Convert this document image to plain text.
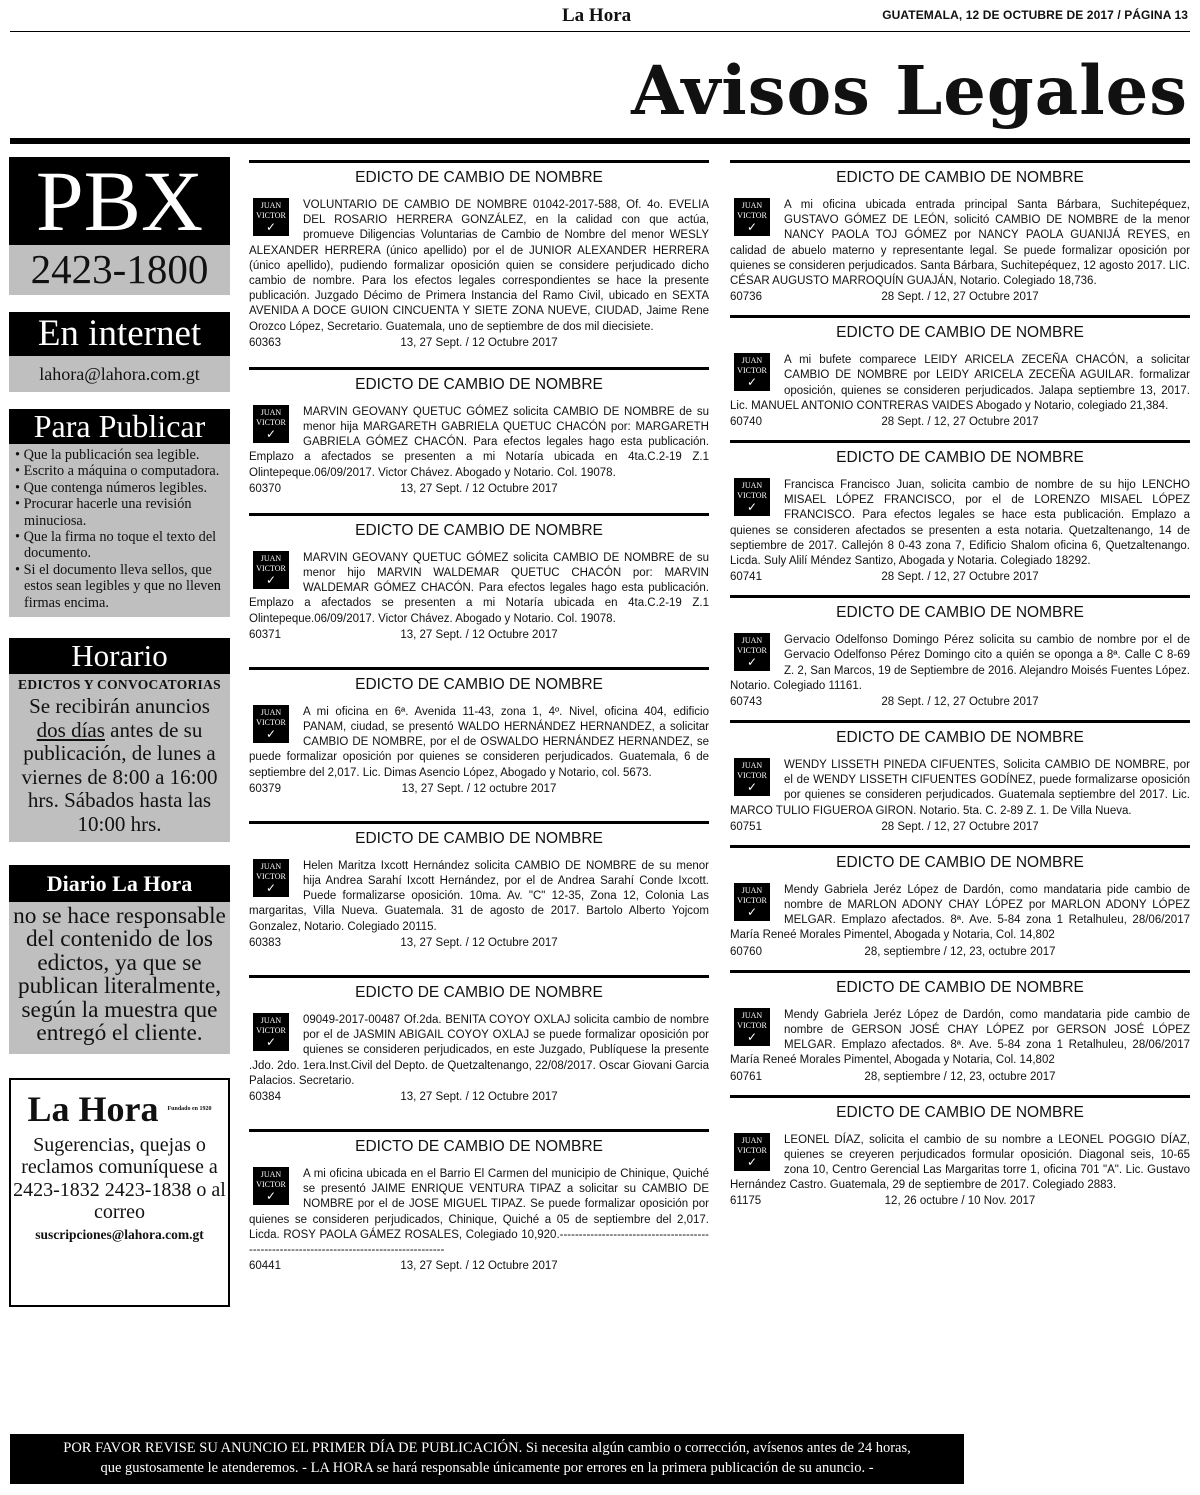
La Hora	GUATEMALA, 12 DE OCTUBRE DE 2017 / PÁGINA 13
Avisos Legales
PBX
2423-1800
En internet
lahora@lahora.com.gt
Para Publicar
• Que la publicación sea legible.
• Escrito a máquina o computadora.
• Que contenga números legibles.
• Procurar hacerle una revisión minuciosa.
• Que la firma no toque el texto del documento.
• Si el documento lleva sellos, que estos sean legibles y que no lleven firmas encima.
Horario
EDICTOS Y CONVOCATORIAS
Se recibirán anuncios dos días antes de su publicación, de lunes a viernes de 8:00 a 16:00 hrs. Sábados hasta las 10:00 hrs.
Diario La Hora
no se hace responsable del contenido de los edictos, ya que se publican literalmente, según la muestra que entregó el cliente.
La Hora $^{Fundado en 1920}$
Sugerencias, quejas o reclamos comuníquese a 2423-1832 2423-1838 o al correo
suscripciones@lahora.com.gt
EDICTO DE CAMBIO DE NOMBRE
JUAN
VICTOR
✓
VOLUNTARIO DE CAMBIO DE NOMBRE 01042-2017-588, Of. 4o. EVELIA DEL ROSARIO HERRERA GONZÁLEZ, en la calidad con que actúa, promueve Diligencias Voluntarias de Cambio de Nombre del menor WESLY ALEXANDER HERRERA (único apellido) por el de JUNIOR ALEXANDER HERRERA (único apellido), pudiendo formalizar oposición quien se considere perjudicado dicho cambio de nombre. Para los efectos legales correspondientes se hace la presente publicación. Juzgado Décimo de Primera Instancia del Ramo Civil, ubicado en SEXTA AVENIDA A DOCE GUION CINCUENTA Y SIETE ZONA NUEVE, CIUDAD, Jaime Rene Orozco López, Secretario. Guatemala, uno de septiembre de dos mil diecisiete.
60363	13, 27 Sept. / 12 Octubre 2017
EDICTO DE CAMBIO DE NOMBRE
JUAN
VICTOR
✓
MARVIN GEOVANY QUETUC GÓMEZ solicita CAMBIO DE NOMBRE de su menor hija MARGARETH GABRIELA QUETUC CHACÓN por: MARGARETH GABRIELA GÓMEZ CHACÓN. Para efectos legales hago esta publicación. Emplazo a afectados se presenten a mi Notaría ubicada en 4ta.C.2-19 Z.1 Olintepeque.06/09/2017. Victor Chávez. Abogado y Notario. Col. 19078.
60370	13, 27 Sept. / 12 Octubre 2017
EDICTO DE CAMBIO DE NOMBRE
JUAN
VICTOR
✓
MARVIN GEOVANY QUETUC GÓMEZ solicita CAMBIO DE NOMBRE de su menor hijo MARVIN WALDEMAR QUETUC CHACÓN por: MARVIN WALDEMAR GÓMEZ CHACÓN. Para efectos legales hago esta publicación. Emplazo a afectados se presenten a mi Notaría ubicada en 4ta.C.2-19 Z.1 Olintepeque.06/09/2017. Victor Chávez. Abogado y Notario. Col. 19078.
60371	13, 27 Sept. / 12 Octubre 2017
EDICTO DE CAMBIO DE NOMBRE
JUAN
VICTOR
✓
A mi oficina en 6ª. Avenida 11-43, zona 1, 4º. Nivel, oficina 404, edificio PANAM, ciudad, se presentó WALDO HERNÁNDEZ HERNANDEZ, a solicitar CAMBIO DE NOMBRE, por el de OSWALDO HERNÁNDEZ HERNANDEZ, se puede formalizar oposición por quienes se consideren perjudicados. Guatemala, 6 de septiembre del 2,017. Lic. Dimas Asencio López, Abogado y Notario, col. 5673.
60379	13, 27 Sept. / 12 octubre 2017
EDICTO DE CAMBIO DE NOMBRE
JUAN
VICTOR
✓
Helen Maritza Ixcott Hernández solicita CAMBIO DE NOMBRE de su menor hija Andrea Sarahí Ixcott Hernández, por el de Andrea Sarahí Conde Ixcott. Puede formalizarse oposición. 10ma. Av. "C" 12-35, Zona 12, Colonia Las margaritas, Villa Nueva. Guatemala. 31 de agosto de 2017. Bartolo Alberto Yojcom Gonzalez, Notario. Colegiado 20115.
60383	13, 27 Sept. / 12 Octubre 2017
EDICTO DE CAMBIO DE NOMBRE
JUAN
VICTOR
✓
09049-2017-00487 Of.2da. BENITA COYOY OXLAJ solicita cambio de nombre por el de JASMIN ABIGAIL COYOY OXLAJ se puede formalizar oposición por quienes se consideren perjudicados, en este Juzgado, Publíquese la presente .Jdo. 2do. 1era.Inst.Civil del Depto. de Quetzaltenango, 22/08/2017. Oscar Giovani Garcia Palacios. Secretario.
60384	13, 27 Sept. / 12 Octubre 2017
EDICTO DE CAMBIO DE NOMBRE
JUAN
VICTOR
✓
A mi oficina ubicada en el Barrio El Carmen del municipio de Chinique, Quiché se presentó JAIME ENRIQUE VENTURA TIPAZ a solicitar su CAMBIO DE NOMBRE por el de JOSE MIGUEL TIPAZ. Se puede formalizar oposición por quienes se consideren perjudicados, Chinique, Quiché a 05 de septiembre del 2,017. Licda. ROSY PAOLA GÁMEZ ROSALES, Colegiado 10,920.------------------------------------------------------------------------------------------
60441	13, 27 Sept. / 12 Octubre 2017
EDICTO DE CAMBIO DE NOMBRE
JUAN
VICTOR
✓
A mi oficina ubicada entrada principal Santa Bárbara, Suchitepéquez, GUSTAVO GÓMEZ DE LEÓN, solicitó CAMBIO DE NOMBRE de la menor NANCY PAOLA TOJ GÓMEZ por NANCY PAOLA GUANIJÁ REYES, en calidad de abuelo materno y representante legal. Se puede formalizar oposición por quienes se consideren perjudicados. Santa Bárbara, Suchitepéquez, 12 agosto 2017. LIC. CÉSAR AUGUSTO MARROQUÍN GUAJÁN, Notario. Colegiado 18,736.
60736	28 Sept. / 12, 27 Octubre 2017
EDICTO DE CAMBIO DE NOMBRE
JUAN
VICTOR
✓
A mi bufete comparece LEIDY ARICELA ZECEÑA CHACÓN, a solicitar CAMBIO DE NOMBRE por LEIDY ARICELA ZECEÑA AGUILAR. formalizar oposición, quienes se consideren perjudicados. Jalapa septiembre 13, 2017. Lic. MANUEL ANTONIO CONTRERAS VAIDES Abogado y Notario, colegiado 21,384.
60740	28 Sept. / 12, 27 Octubre 2017
EDICTO DE CAMBIO DE NOMBRE
JUAN
VICTOR
✓
Francisca Francisco Juan, solicita cambio de nombre de su hijo LENCHO MISAEL LÓPEZ FRANCISCO, por el de LORENZO MISAEL LÓPEZ FRANCISCO. Para efectos legales se hace esta publicación. Emplazo a quienes se consideren afectados se presenten a esta notaria. Quetzaltenango, 14 de septiembre de 2017. Callejón 8 0-43 zona 7, Edificio Shalom oficina 6, Quetzaltenango. Licda. Suly Alilí Méndez Santizo, Abogada y Notaria. Colegiado 18292.
60741	28 Sept. / 12, 27 Octubre 2017
EDICTO DE CAMBIO DE NOMBRE
JUAN
VICTOR
✓
Gervacio Odelfonso Domingo Pérez solicita su cambio de nombre por el de Gervacio Odelfonso Pérez Domingo cito a quién se oponga a 8ª. Calle C 8-69 Z. 2, San Marcos, 19 de Septiembre de 2016. Alejandro Moisés Fuentes López. Notario. Colegiado 11161.
60743	28 Sept. / 12, 27 Octubre 2017
EDICTO DE CAMBIO DE NOMBRE
JUAN
VICTOR
✓
WENDY LISSETH PINEDA CIFUENTES, Solicita CAMBIO DE NOMBRE, por el de WENDY LISSETH CIFUENTES GODÍNEZ, puede formalizarse oposición por quienes se consideren perjudicados. Guatemala septiembre del 2017. Lic. MARCO TULIO FIGUEROA GIRON. Notario. 5ta. C. 2-89 Z. 1. De Villa Nueva.
60751	28 Sept. / 12, 27 Octubre 2017
EDICTO DE CAMBIO DE NOMBRE
JUAN
VICTOR
✓
Mendy Gabriela Jeréz López de Dardón, como mandataria pide cambio de nombre de MARLON ADONY CHAY LÓPEZ por MARLON ADONY LÓPEZ MELGAR. Emplazo afectados. 8ª. Ave. 5-84 zona 1 Retalhuleu, 28/06/2017 María Reneé Morales Pimentel, Abogada y Notaria, Col. 14,802
60760	28, septiembre / 12, 23, octubre 2017
EDICTO DE CAMBIO DE NOMBRE
JUAN
VICTOR
✓
Mendy Gabriela Jeréz López de Dardón, como mandataria pide cambio de nombre de GERSON JOSÉ CHAY LÓPEZ por GERSON JOSÉ LÓPEZ MELGAR. Emplazo afectados. 8ª. Ave. 5-84 zona 1 Retalhuleu, 28/06/2017 María Reneé Morales Pimentel, Abogada y Notaria, Col. 14,802
60761	28, septiembre / 12, 23, octubre 2017
EDICTO DE CAMBIO DE NOMBRE
JUAN
VICTOR
✓
LEONEL DÍAZ, solicita el cambio de su nombre a LEONEL POGGIO DÍAZ, quienes se creyeren perjudicados formular oposición. Diagonal seis, 10-65 zona 10, Centro Gerencial Las Margaritas torre 1, oficina 701 "A". Lic. Gustavo Hernández Castro. Guatemala, 29 de septiembre de 2017. Colegiado 2883.
61175	12, 26 octubre / 10 Nov. 2017
POR FAVOR REVISE SU ANUNCIO EL PRIMER DÍA DE PUBLICACIÓN. Si necesita algún cambio o corrección, avísenos antes de 24 horas,
que gustosamente le atenderemos. - LA HORA se hará responsable únicamente por errores en la primera publicación de su anuncio. -
